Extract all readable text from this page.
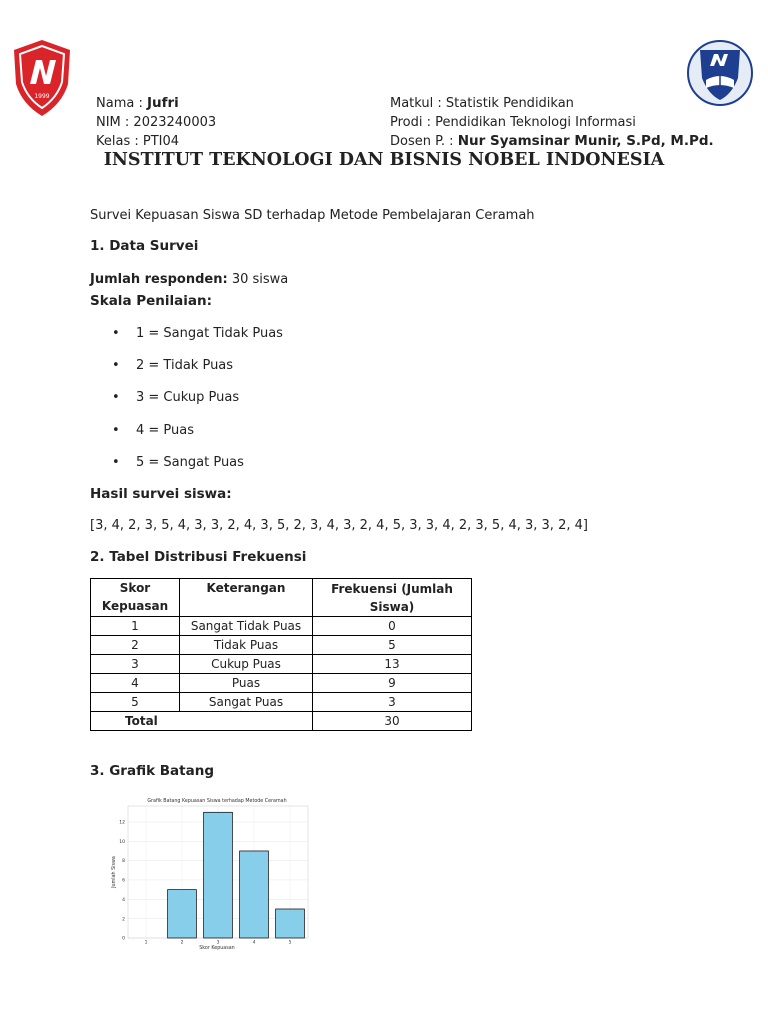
1999	Nama : Jufri
NIM : 2023240003
Kelas : PTI04
Matkul : Statistik Pendidikan
Prodi : Pendidikan Teknologi Informasi
Dosen P. : Nur Syamsinar Munir, S.Pd, M.Pd.
INSTITUT TEKNOLOGI DAN BISNIS NOBEL INDONESIA
Survei Kepuasan Siswa SD terhadap Metode Pembelajaran Ceramah
1. Data Survei
Jumlah responden: 30 siswa
Skala Penilaian:
• 1 = Sangat Tidak Puas
• 2 = Tidak Puas
• 3 = Cukup Puas
• 4 = Puas
• 5 = Sangat Puas
Hasil survei siswa:
[3, 4, 2, 3, 5, 4, 3, 3, 2, 4, 3, 5, 2, 3, 4, 3, 2, 4, 5, 3, 3, 4, 2, 3, 5, 4, 3, 3, 2, 4]
2. Tabel Distribusi Frekuensi
Skor Kepuasan	Keterangan	Frekuensi (Jumlah Siswa)
1	Sangat Tidak Puas	0
2	Tidak Puas	5
3	Cukup Puas	13
4	Puas	9
5	Sangat Puas	3
Total		30
3. Grafik Batang
Grafik Batang Kepuasan Siswa terhadap Metode Ceramah
0
2
4
6
8
10
12
1	2	3	4	5
Skor Kepuasan
Jumlah Siswa
